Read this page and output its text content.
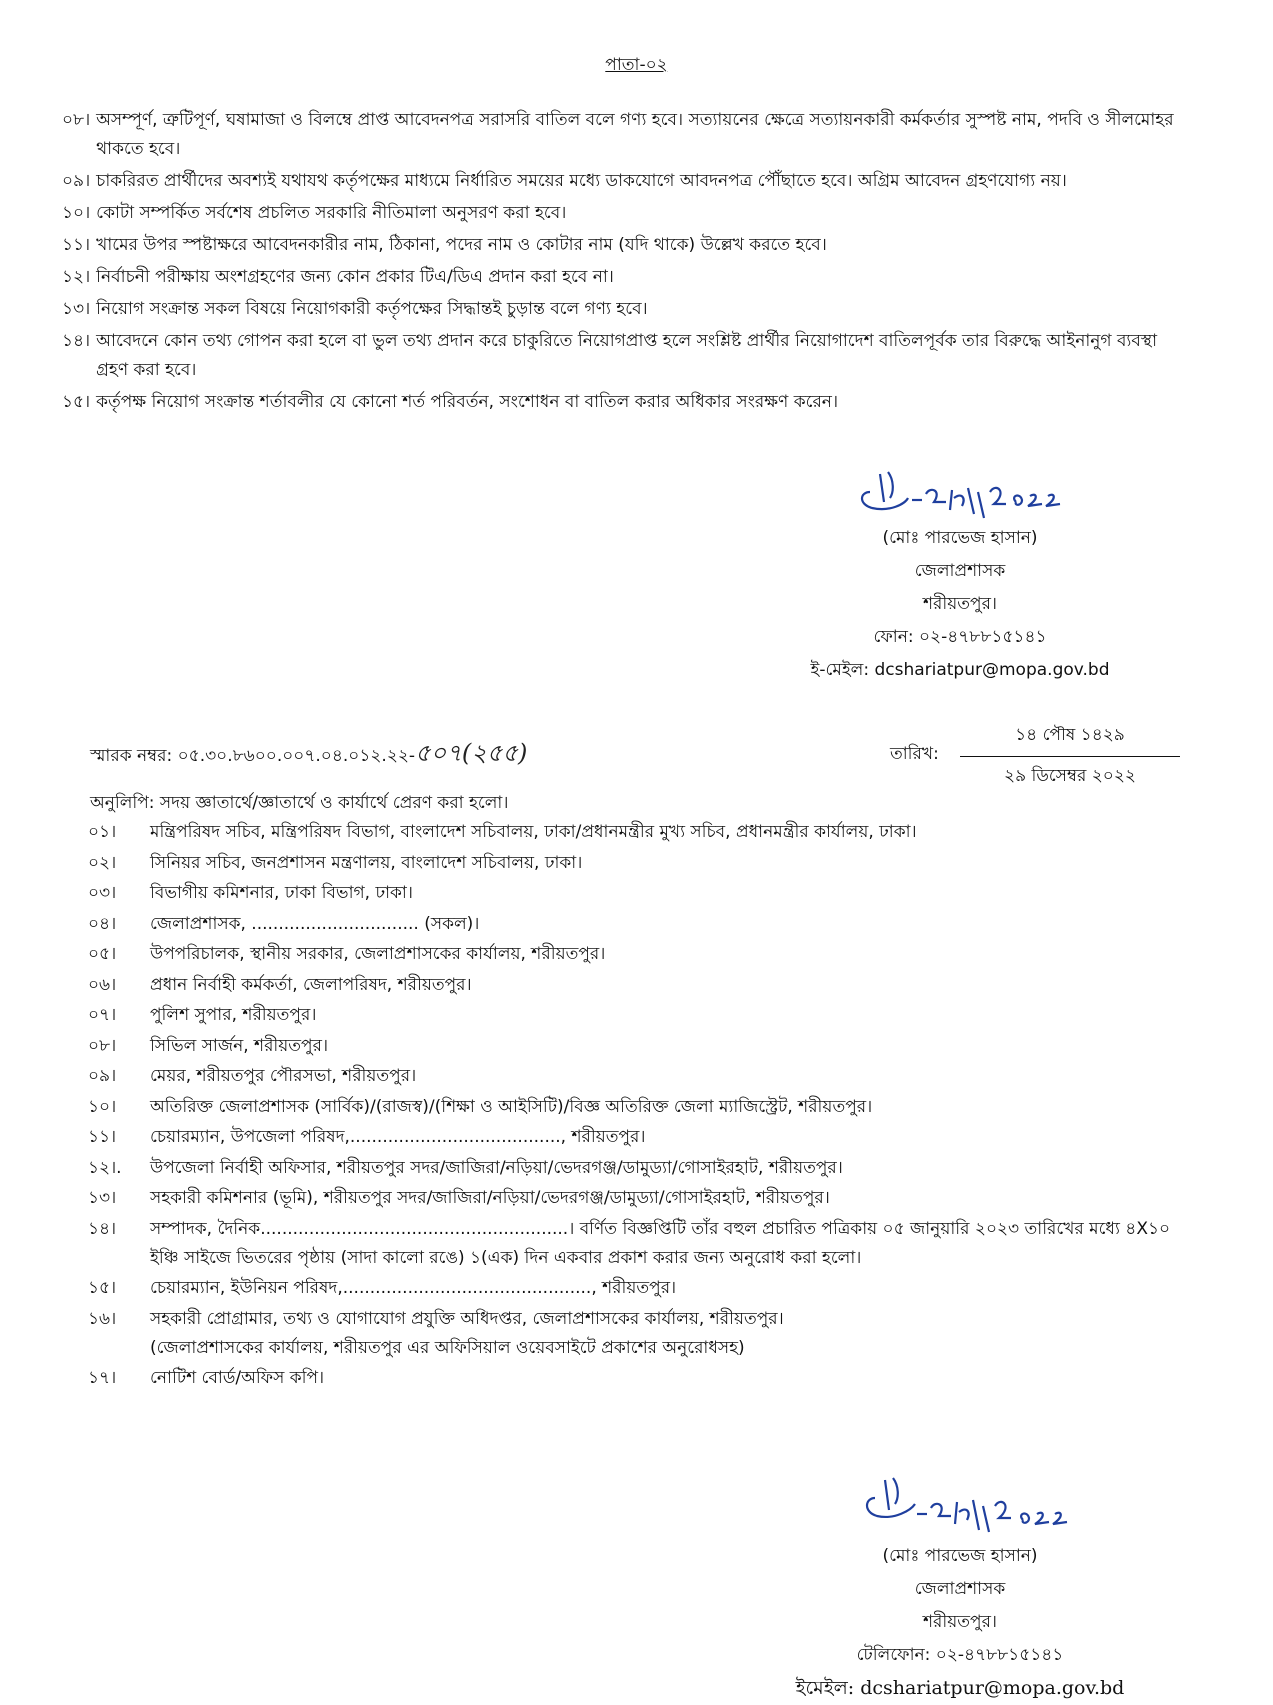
পাতা-০২
০৮। অসম্পূর্ণ, ত্রুটিপূর্ণ, ঘষামাজা ও বিলম্বে প্রাপ্ত আবেদনপত্র সরাসরি বাতিল বলে গণ্য হবে। সত্যায়নের ক্ষেত্রে সত্যায়নকারী কর্মকর্তার সুস্পষ্ট নাম, পদবি ও সীলমোহর থাকতে হবে।
০৯। চাকরিরত প্রার্থীদের অবশ্যই যথাযথ কর্তৃপক্ষের মাধ্যমে নির্ধারিত সময়ের মধ্যে ডাকযোগে আবদনপত্র পৌঁছাতে হবে। অগ্রিম আবেদন গ্রহণযোগ্য নয়।
১০। কোটা সম্পর্কিত সর্বশেষ প্রচলিত সরকারি নীতিমালা অনুসরণ করা হবে।
১১। খামের উপর স্পষ্টাক্ষরে আবেদনকারীর নাম, ঠিকানা, পদের নাম ও কোটার নাম (যদি থাকে) উল্লেখ করতে হবে।
১২। নির্বাচনী পরীক্ষায় অংশগ্রহণের জন্য কোন প্রকার টিএ/ডিএ প্রদান করা হবে না।
১৩। নিয়োগ সংক্রান্ত সকল বিষয়ে নিয়োগকারী কর্তৃপক্ষের সিদ্ধান্তই চুড়ান্ত বলে গণ্য হবে।
১৪। আবেদনে কোন তথ্য গোপন করা হলে বা ভুল তথ্য প্রদান করে চাকুরিতে নিয়োগপ্রাপ্ত হলে সংশ্লিষ্ট প্রার্থীর নিয়োগাদেশ বাতিলপূর্বক তার বিরুদ্ধে আইনানুগ ব্যবস্থা গ্রহণ করা হবে।
১৫। কর্তৃপক্ষ নিয়োগ সংক্রান্ত শর্তাবলীর যে কোনো শর্ত পরিবর্তন, সংশোধন বা বাতিল করার অধিকার সংরক্ষণ করেন।
(মোঃ পারভেজ হাসান)
জেলাপ্রশাসক
শরীয়তপুর।
ফোন: ০২-৪৭৮৮১৫১৪১
ই-মেইল: dcshariatpur@mopa.gov.bd
স্মারক নম্বর: ০৫.৩০.৮৬০০.০০৭.০৪.০১২.২২-৫০৭(২৫৫)	তারিখ:
১৪ পৌষ ১৪২৯
২৯ ডিসেম্বর ২০২২
অনুলিপি: সদয় জ্ঞাতার্থে/জ্ঞাতার্থে ও কার্যার্থে প্রেরণ করা হলো।
০১।	মন্ত্রিপরিষদ সচিব, মন্ত্রিপরিষদ বিভাগ, বাংলাদেশ সচিবালয়, ঢাকা/প্রধানমন্ত্রীর মুখ্য সচিব, প্রধানমন্ত্রীর কার্যালয়, ঢাকা।
০২।	সিনিয়র সচিব, জনপ্রশাসন মন্ত্রণালয়, বাংলাদেশ সচিবালয়, ঢাকা।
০৩।	বিভাগীয় কমিশনার, ঢাকা বিভাগ, ঢাকা।
০৪।	জেলাপ্রশাসক, ............................... (সকল)।
০৫।	উপপরিচালক, স্থানীয় সরকার, জেলাপ্রশাসকের কার্যালয়, শরীয়তপুর।
০৬।	প্রধান নির্বাহী কর্মকর্তা, জেলাপরিষদ, শরীয়তপুর।
০৭।	পুলিশ সুপার, শরীয়তপুর।
০৮।	সিভিল সার্জন, শরীয়তপুর।
০৯।	মেয়র, শরীয়তপুর পৌরসভা, শরীয়তপুর।
১০।	অতিরিক্ত জেলাপ্রশাসক (সার্বিক)/(রাজস্ব)/(শিক্ষা ও আইসিটি)/বিজ্ঞ অতিরিক্ত জেলা ম্যাজিস্ট্রেট, শরীয়তপুর।
১১।	চেয়ারম্যান, উপজেলা পরিষদ,......................................., শরীয়তপুর।
১২।.	উপজেলা নির্বাহী অফিসার, শরীয়তপুর সদর/জাজিরা/নড়িয়া/ভেদরগঞ্জ/ডামুড্যা/গোসাইরহাট, শরীয়তপুর।
১৩।	সহকারী কমিশনার (ভূমি), শরীয়তপুর সদর/জাজিরা/নড়িয়া/ভেদরগঞ্জ/ডামুড্যা/গোসাইরহাট, শরীয়তপুর।
১৪।	সম্পাদক, দৈনিক.........................................................। বর্ণিত বিজ্ঞপ্তিটি তাঁর বহুল প্রচারিত পত্রিকায় ০৫ জানুয়ারি ২০২৩ তারিখের মধ্যে ৪X১০ ইঞ্চি সাইজে ভিতরের পৃষ্ঠায় (সাদা কালো রঙে) ১(এক) দিন একবার প্রকাশ করার জন্য অনুরোধ করা হলো।
১৫।	চেয়ারম্যান, ইউনিয়ন পরিষদ,.............................................., শরীয়তপুর।
১৬।	সহকারী প্রোগ্রামার, তথ্য ও যোগাযোগ প্রযুক্তি অধিদপ্তর, জেলাপ্রশাসকের কার্যালয়, শরীয়তপুর।
(জেলাপ্রশাসকের কার্যালয়, শরীয়তপুর এর অফিসিয়াল ওয়েবসাইটে প্রকাশের অনুরোধসহ)
১৭।	নোটিশ বোর্ড/অফিস কপি।
(মোঃ পারভেজ হাসান)
জেলাপ্রশাসক
শরীয়তপুর।
টেলিফোন: ০২-৪৭৮৮১৫১৪১
ইমেইল: dcshariatpur@mopa.gov.bd
